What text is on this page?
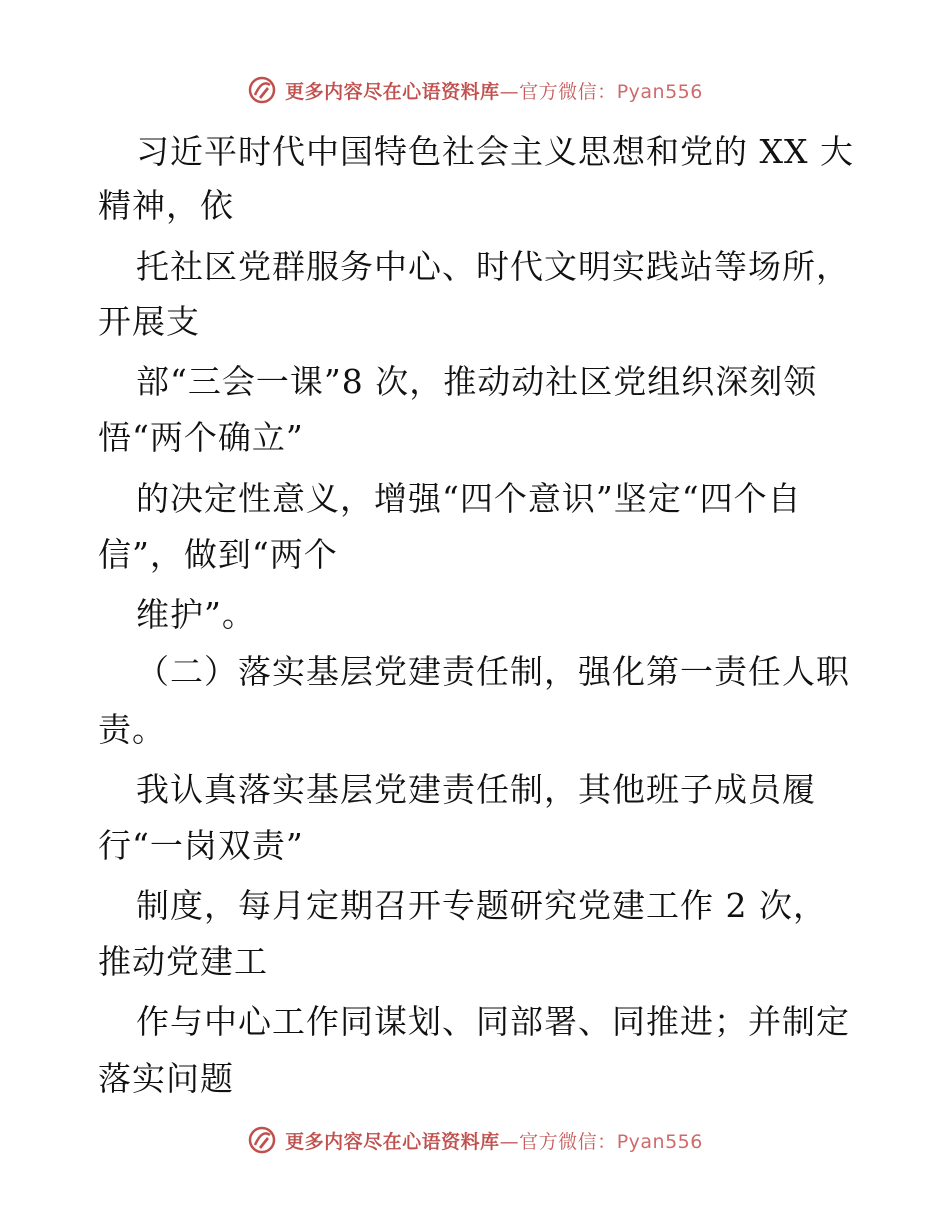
更多内容尽在心语资料库—官方微信：Pyan556
习近平时代中国特色社会主义思想和党的 XX 大
精神，依
托社区党群服务中心、时代文明实践站等场所，
开展支
部“三会一课”8 次，推动动社区党组织深刻领
悟“两个确立”
的决定性意义，增强“四个意识”坚定“四个自
信”，做到“两个
维护”。
（二）落实基层党建责任制，强化第一责任人职
责。
我认真落实基层党建责任制，其他班子成员履
行“一岗双责”
制度，每月定期召开专题研究党建工作 2 次，
推动党建工
作与中心工作同谋划、同部署、同推进；并制定
落实问题
更多内容尽在心语资料库—官方微信：Pyan556
